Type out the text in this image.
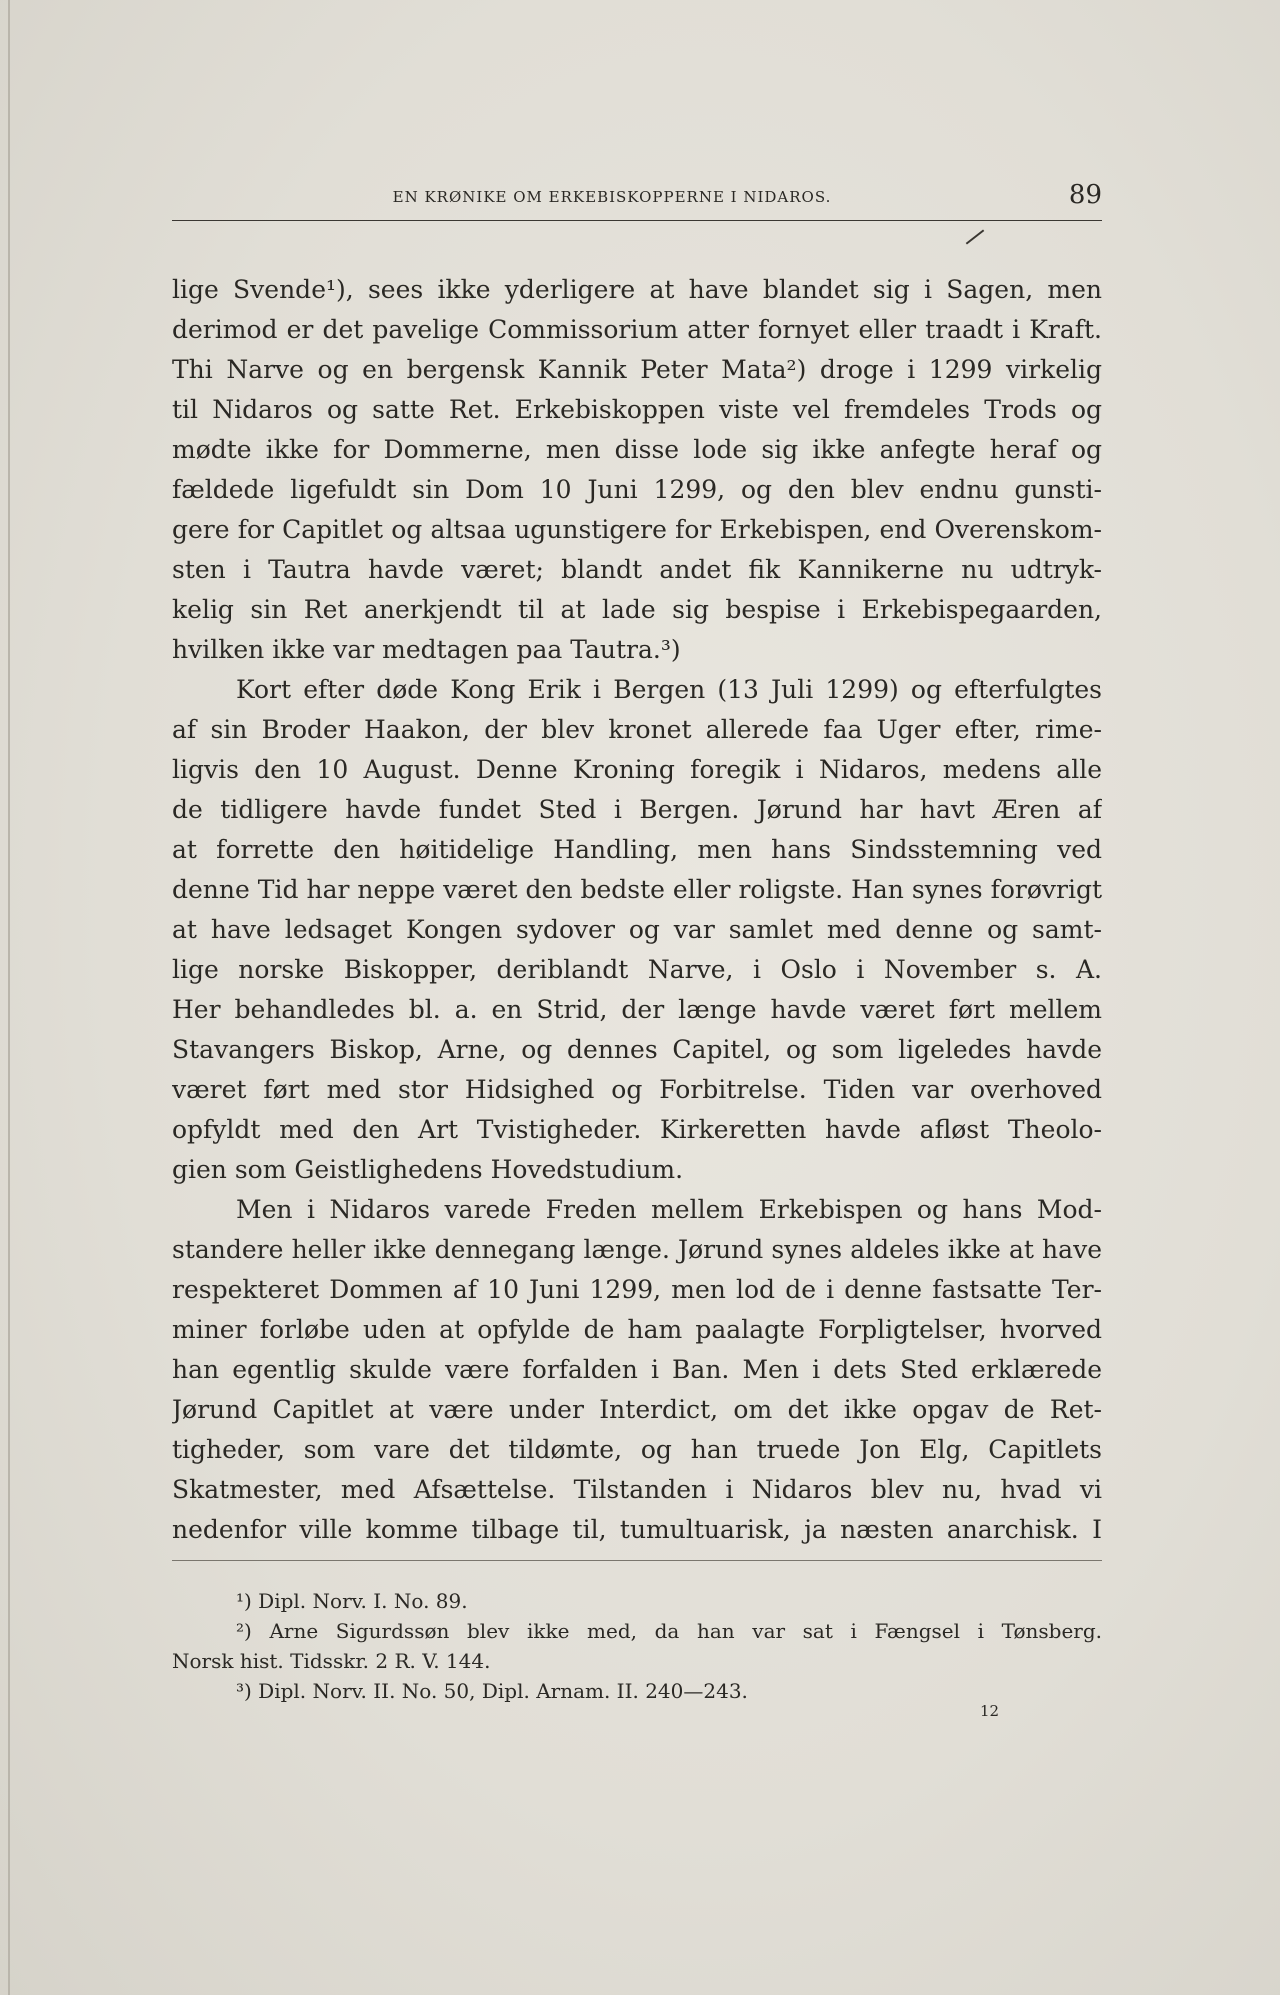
EN KRØNIKE OM ERKEBISKOPPERNE I NIDAROS.	89
lige Svende¹), sees ikke yderligere at have blandet sig i Sagen, men
derimod er det pavelige Commissorium atter fornyet eller traadt i Kraft.
Thi Narve og en bergensk Kannik Peter Mata²) droge i 1299 virkelig
til Nidaros og satte Ret. Erkebiskoppen viste vel fremdeles Trods og
mødte ikke for Dommerne, men disse lode sig ikke anfegte heraf og
fældede ligefuldt sin Dom 10 Juni 1299, og den blev endnu gunsti-
gere for Capitlet og altsaa ugunstigere for Erkebispen, end Overenskom-
sten i Tautra havde været; blandt andet fik Kannikerne nu udtryk-
kelig sin Ret anerkjendt til at lade sig bespise i Erkebispegaarden,
hvilken ikke var medtagen paa Tautra.³)
Kort efter døde Kong Erik i Bergen (13 Juli 1299) og efterfulgtes
af sin Broder Haakon, der blev kronet allerede faa Uger efter, rime-
ligvis den 10 August. Denne Kroning foregik i Nidaros, medens alle
de tidligere havde fundet Sted i Bergen. Jørund har havt Æren af
at forrette den høitidelige Handling, men hans Sindsstemning ved
denne Tid har neppe været den bedste eller roligste. Han synes forøvrigt
at have ledsaget Kongen sydover og var samlet med denne og samt-
lige norske Biskopper, deriblandt Narve, i Oslo i November s. A.
Her behandledes bl. a. en Strid, der længe havde været ført mellem
Stavangers Biskop, Arne, og dennes Capitel, og som ligeledes havde
været ført med stor Hidsighed og Forbitrelse. Tiden var overhoved
opfyldt med den Art Tvistigheder. Kirkeretten havde afløst Theolo-
gien som Geistlighedens Hovedstudium.
Men i Nidaros varede Freden mellem Erkebispen og hans Mod-
standere heller ikke dennegang længe. Jørund synes aldeles ikke at have
respekteret Dommen af 10 Juni 1299, men lod de i denne fastsatte Ter-
miner forløbe uden at opfylde de ham paalagte Forpligtelser, hvorved
han egentlig skulde være forfalden i Ban. Men i dets Sted erklærede
Jørund Capitlet at være under Interdict, om det ikke opgav de Ret-
tigheder, som vare det tildømte, og han truede Jon Elg, Capitlets
Skatmester, med Afsættelse. Tilstanden i Nidaros blev nu, hvad vi
nedenfor ville komme tilbage til, tumultuarisk, ja næsten anarchisk. I
¹) Dipl. Norv. I. No. 89.
²) Arne Sigurdssøn blev ikke med, da han var sat i Fængsel i Tønsberg.
Norsk hist. Tidsskr. 2 R. V. 144.
³) Dipl. Norv. II. No. 50, Dipl. Arnam. II. 240—243.
12
